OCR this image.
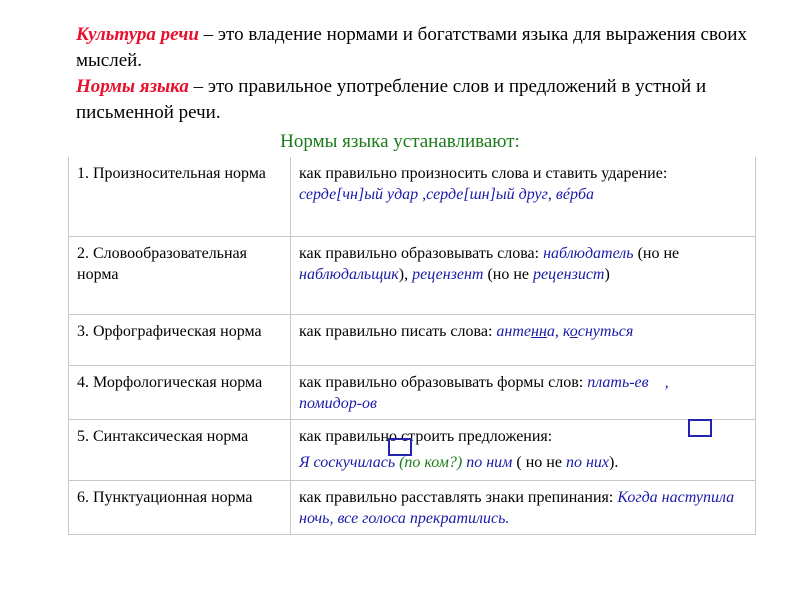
Культура речи – это владение нормами и богатствами языка для выражения своих мыслей.

Нормы языка – это правильное употребление слов и предложений в устной и письменной речи.

Нормы языка устанавливают:
1. Произносительная норма	как правильно произносить слова и ставить ударение:
серде[чн]ый удар ,серде[шн]ый друг, вéрба
2. Словообразовательная норма	как правильно образовывать слова: наблюдатель (но не наблюдальщик), рецензент (но не рецензист)
3. Орфографическая норма	как правильно писать слова: антенна, коснуться
4. Морфологическая норма	как правильно образовывать формы слов: плать-ев    ,
помидор-ов
5. Синтаксическая норма	как правильно строить предложения:
Я соскучилась (по ком?) по ним ( но не по них).
6. Пунктуационная норма	как правильно расставлять знаки препинания: Когда наступила ночь, все голоса прекратились.
